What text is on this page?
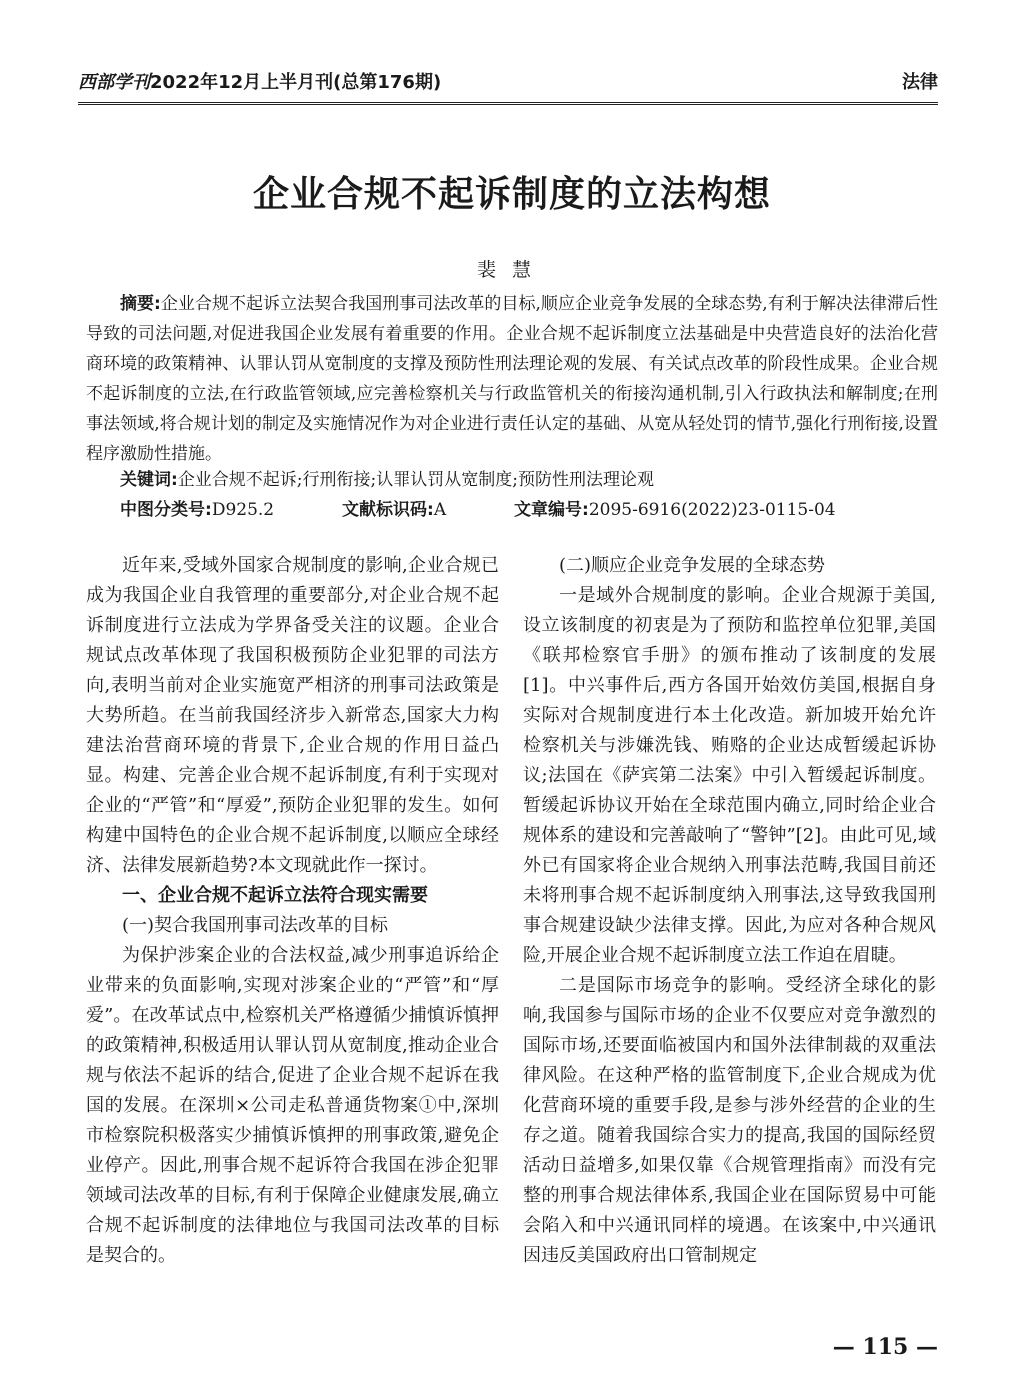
西部学刊2022年12月上半月刊(总第176期)	法律
企业合规不起诉制度的立法构想
裴慧
摘要:企业合规不起诉立法契合我国刑事司法改革的目标,顺应企业竞争发展的全球态势,有利于解决法律滞后性导致的司法问题,对促进我国企业发展有着重要的作用。企业合规不起诉制度立法基础是中央营造良好的法治化营商环境的政策精神、认罪认罚从宽制度的支撑及预防性刑法理论观的发展、有关试点改革的阶段性成果。企业合规不起诉制度的立法,在行政监管领域,应完善检察机关与行政监管机关的衔接沟通机制,引入行政执法和解制度;在刑事法领域,将合规计划的制定及实施情况作为对企业进行责任认定的基础、从宽从轻处罚的情节,强化行刑衔接,设置程序激励性措施。
关键词:企业合规不起诉;行刑衔接;认罪认罚从宽制度;预防性刑法理论观
中图分类号:D925.2	文献标识码:A	文章编号:2095-6916(2022)23-0115-04

近年来,受域外国家合规制度的影响,企业合规已成为我国企业自我管理的重要部分,对企业合规不起诉制度进行立法成为学界备受关注的议题。企业合规试点改革体现了我国积极预防企业犯罪的司法方向,表明当前对企业实施宽严相济的刑事司法政策是大势所趋。在当前我国经济步入新常态,国家大力构建法治营商环境的背景下,企业合规的作用日益凸显。构建、完善企业合规不起诉制度,有利于实现对企业的“严管”和“厚爱”,预防企业犯罪的发生。如何构建中国特色的企业合规不起诉制度,以顺应全球经济、法律发展新趋势?本文现就此作一探讨。

一、企业合规不起诉立法符合现实需要

(一)契合我国刑事司法改革的目标

为保护涉案企业的合法权益,减少刑事追诉给企业带来的负面影响,实现对涉案企业的“严管”和“厚爱”。在改革试点中,检察机关严格遵循少捕慎诉慎押的政策精神,积极适用认罪认罚从宽制度,推动企业合规与依法不起诉的结合,促进了企业合规不起诉在我国的发展。在深圳×公司走私普通货物案①中,深圳市检察院积极落实少捕慎诉慎押的刑事政策,避免企业停产。因此,刑事合规不起诉符合我国在涉企犯罪领域司法改革的目标,有利于保障企业健康发展,确立合规不起诉制度的法律地位与我国司法改革的目标是契合的。

(二)顺应企业竞争发展的全球态势

一是域外合规制度的影响。企业合规源于美国,设立该制度的初衷是为了预防和监控单位犯罪,美国《联邦检察官手册》的颁布推动了该制度的发展[1]。中兴事件后,西方各国开始效仿美国,根据自身实际对合规制度进行本土化改造。新加坡开始允许检察机关与涉嫌洗钱、贿赂的企业达成暂缓起诉协议;法国在《萨宾第二法案》中引入暂缓起诉制度。暂缓起诉协议开始在全球范围内确立,同时给企业合规体系的建设和完善敲响了“警钟”[2]。由此可见,域外已有国家将企业合规纳入刑事法范畴,我国目前还未将刑事合规不起诉制度纳入刑事法,这导致我国刑事合规建设缺少法律支撑。因此,为应对各种合规风险,开展企业合规不起诉制度立法工作迫在眉睫。

二是国际市场竞争的影响。受经济全球化的影响,我国参与国际市场的企业不仅要应对竞争激烈的国际市场,还要面临被国内和国外法律制裁的双重法律风险。在这种严格的监管制度下,企业合规成为优化营商环境的重要手段,是参与涉外经营的企业的生存之道。随着我国综合实力的提高,我国的国际经贸活动日益增多,如果仅靠《合规管理指南》而没有完整的刑事合规法律体系,我国企业在国际贸易中可能会陷入和中兴通讯同样的境遇。在该案中,中兴通讯因违反美国政府出口管制规定

— 115 —
